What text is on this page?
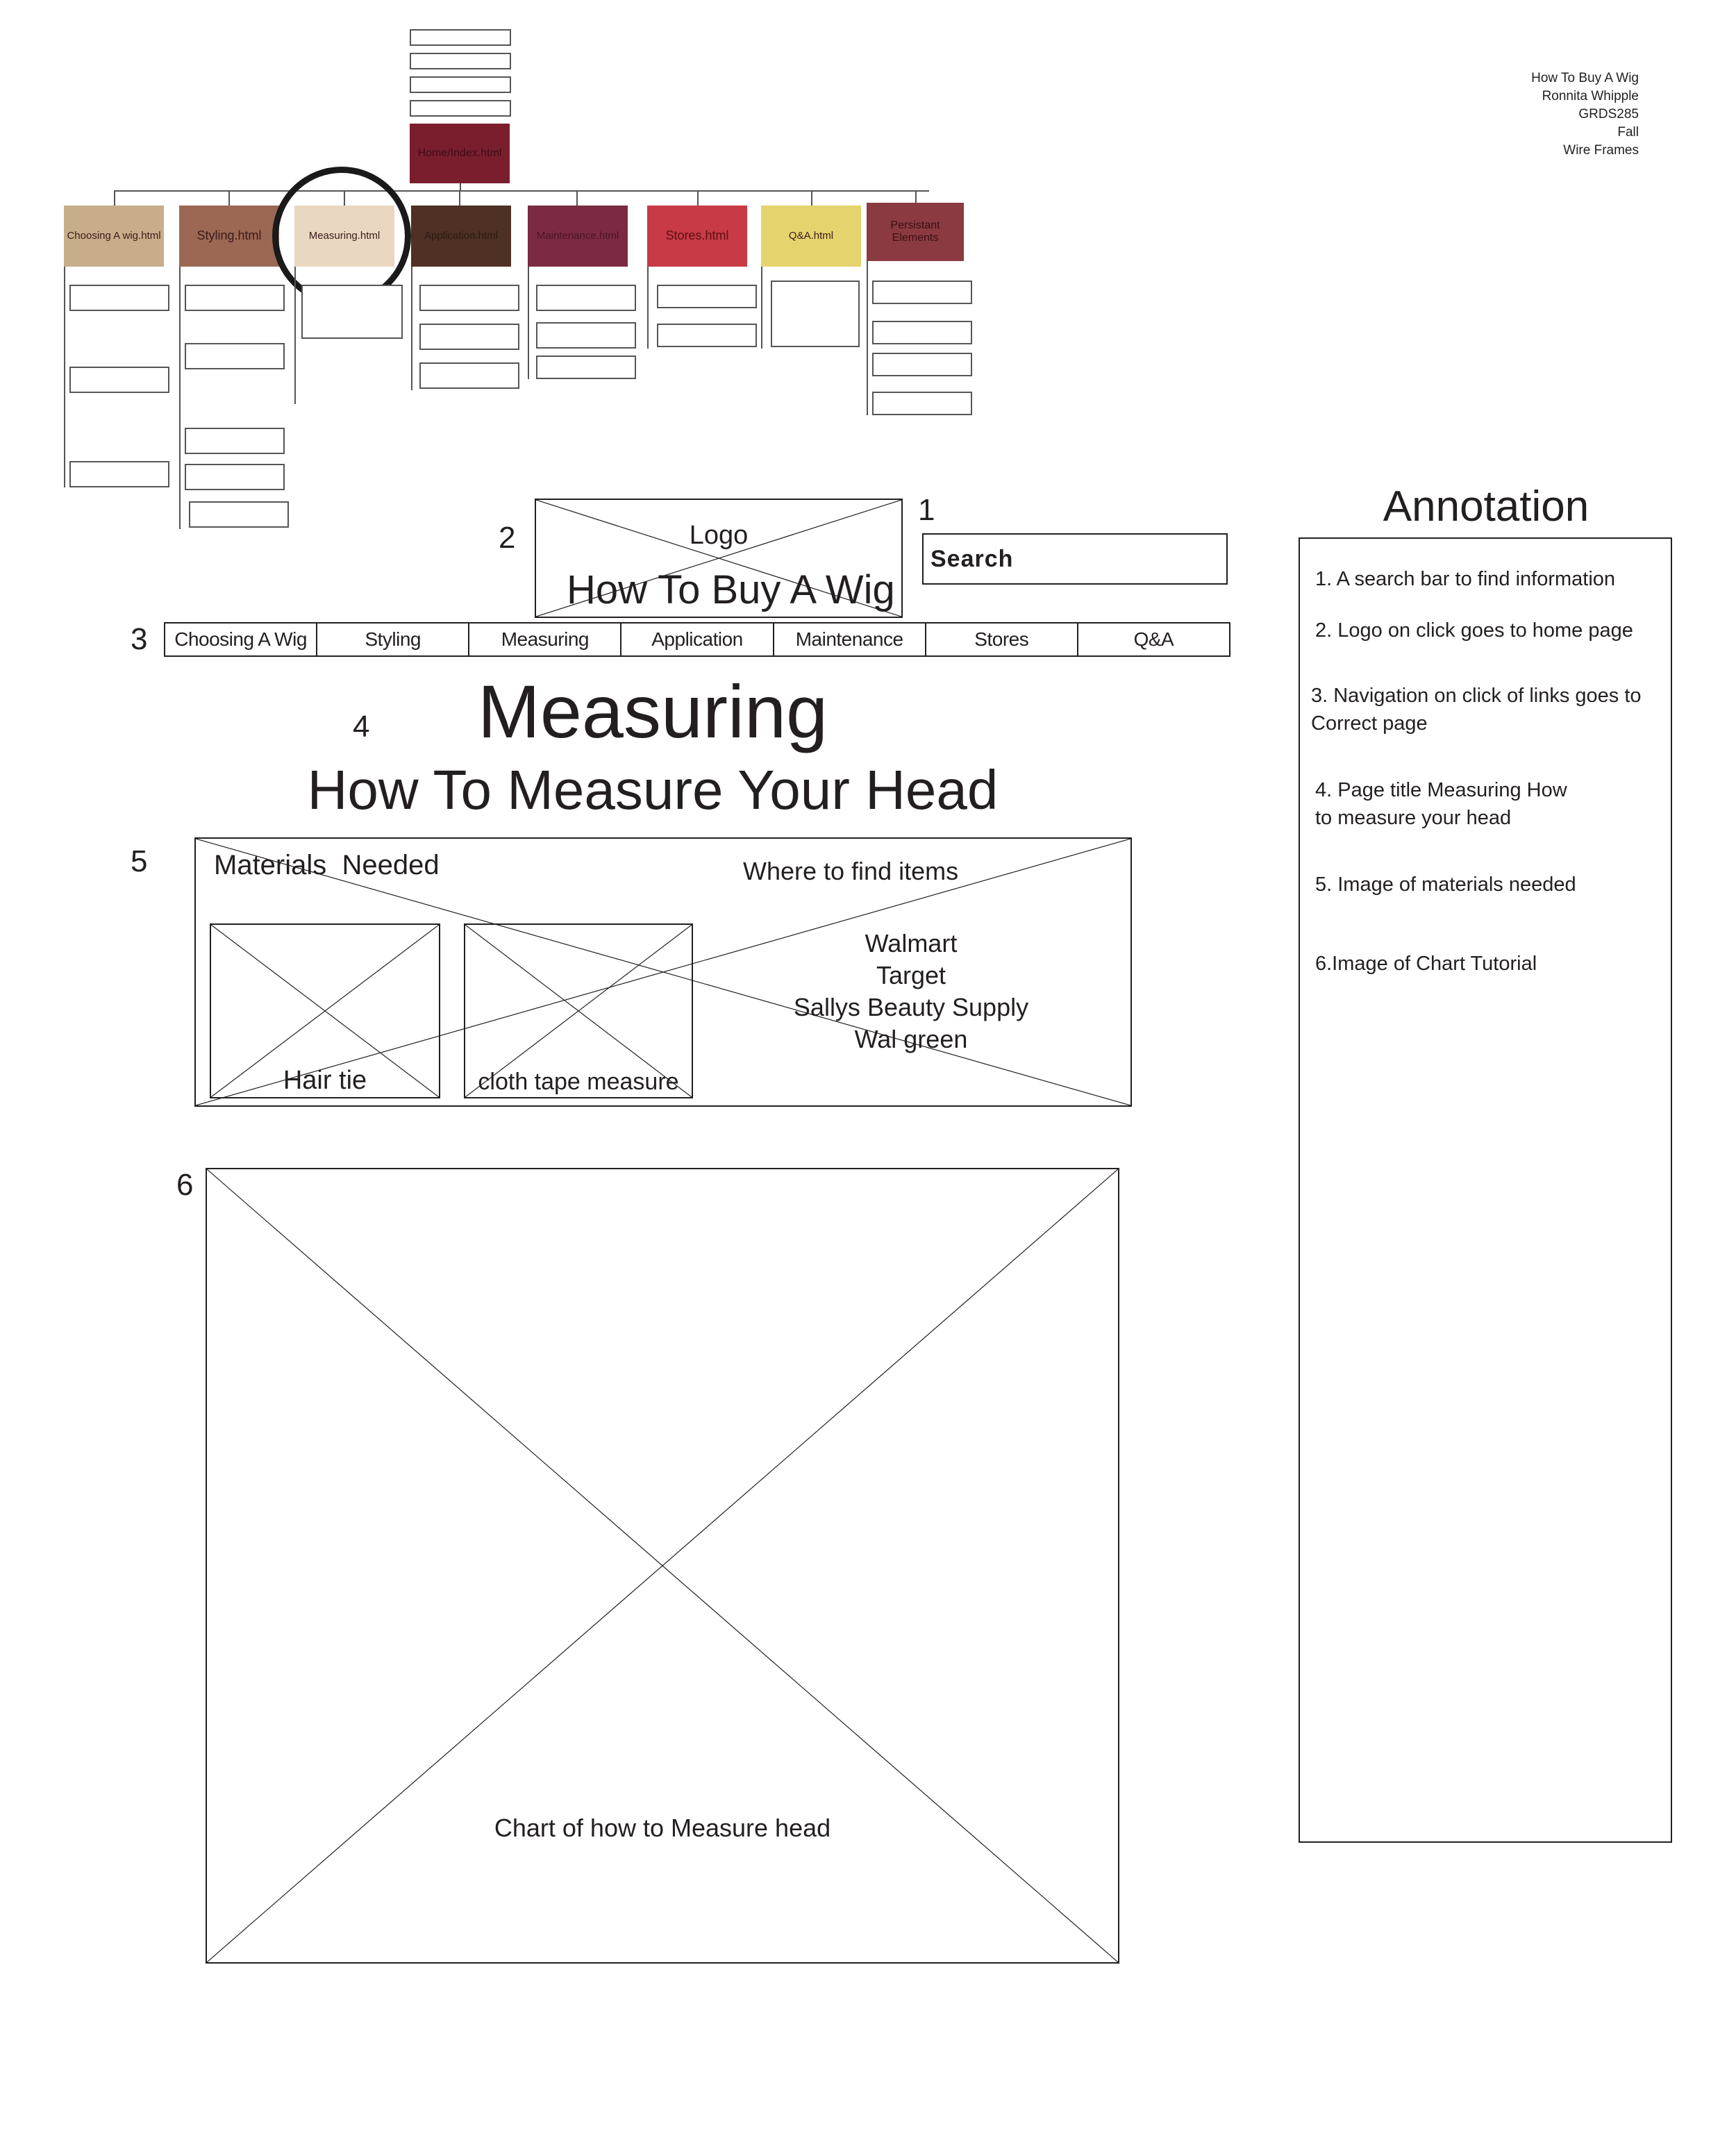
How To Buy A Wig
Ronnita Whipple
GRDS285
Fall
Wire Frames
Home/Index.html
Choosing A wig.html	Styling.html	Measuring.html	Application.html	Maintenance.html	Stores.html	Q&A.html
Persistant Elements
1
2
3
4
5
6
Logo
How To Buy A Wig
Search
Choosing A Wig	Styling	Measuring	Application	Maintenance	Stores	Q&A
Measuring
How To Measure Your Head
Materials  Needed	Where to find items
Hair tie	cloth tape measure
Walmart
Target
Sallys Beauty Supply
Wal green
Chart of how to Measure head
Annotation
1. A search bar to find information
2. Logo on click goes to home page
3. Navigation on click of links goes to Correct page
4. Page title Measuring How to measure your head
5. Image of materials needed
6.Image of Chart Tutorial
